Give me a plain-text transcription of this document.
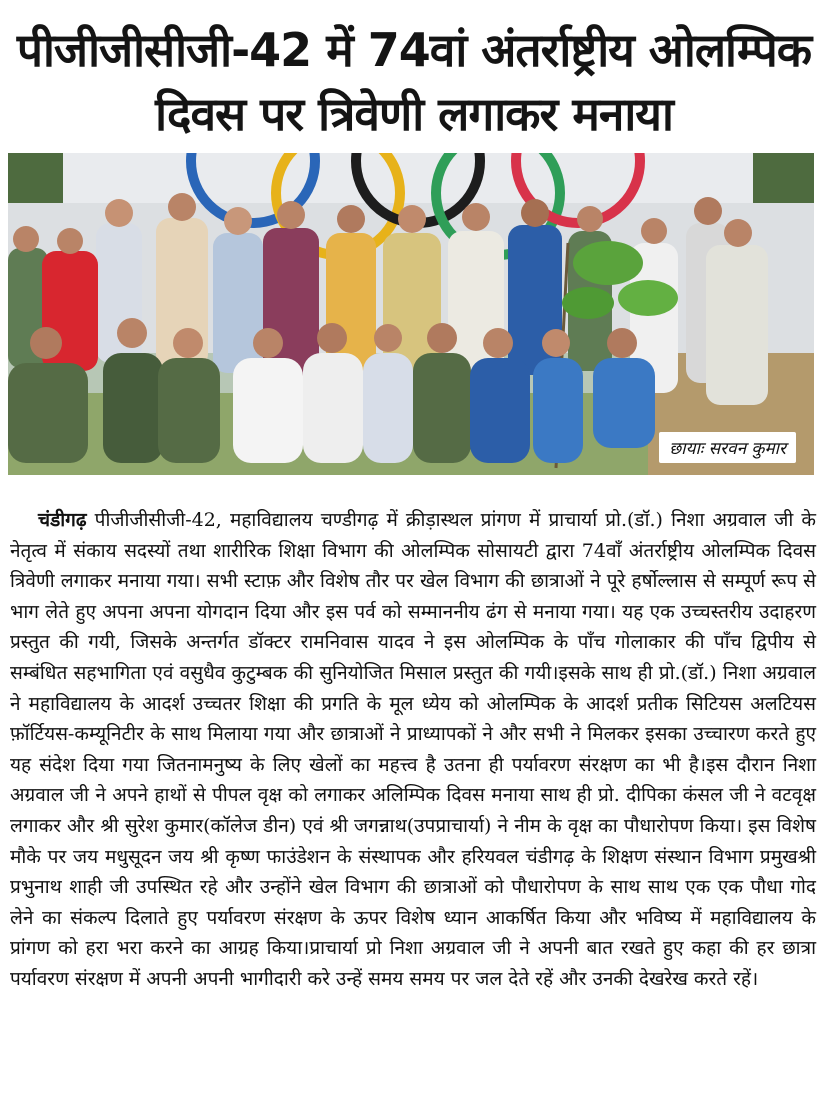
पीजीजीसीजी-42 में 74वां अंतर्राष्ट्रीय ओलम्पिक
दिवस पर त्रिवेणी लगाकर मनाया
छायाः सरवन कुमार
चंडीगढ़ पीजीजीसीजी-42, महाविद्यालय चण्डीगढ़ में क्रीड़ास्थल प्रांगण में प्राचार्या प्रो.(डॉ.) निशा अग्रवाल जी के नेतृत्व में संकाय सदस्यों तथा शारीरिक शिक्षा विभाग की ओलम्पिक सोसायटी द्वारा 74वाँ अंतर्राष्ट्रीय ओलम्पिक दिवस त्रिवेणी लगाकर मनाया गया। सभी स्टाफ़ और विशेष तौर पर खेल विभाग की छात्राओं ने पूरे हर्षोल्लास से सम्पूर्ण रूप से भाग लेते हुए अपना अपना योगदान दिया और इस पर्व को सम्माननीय ढंग से मनाया गया। यह एक उच्चस्तरीय उदाहरण प्रस्तुत की गयी, जिसके अन्तर्गत डॉक्टर रामनिवास यादव ने इस ओलम्पिक के पाँच गोलाकार की पाँच द्विपीय से सम्बंधित सहभागिता एवं वसुधैव कुटुम्बक की सुनियोजित मिसाल प्रस्तुत की गयी।इसके साथ ही प्रो.(डॉ.) निशा अग्रवाल ने महाविद्यालय के आदर्श उच्चतर शिक्षा की प्रगति के मूल ध्येय को ओलम्पिक के आदर्श प्रतीक सिटियस अलटियस फ़ॉर्टियस-कम्यूनिटीर के साथ मिलाया गया और छात्राओं ने प्राध्यापकों ने और सभी ने मिलकर इसका उच्चारण करते हुए यह संदेश दिया गया जितनामनुष्य के लिए खेलों का महत्त्व है उतना ही पर्यावरण संरक्षण का भी है।इस दौरान निशा अग्रवाल जी ने अपने हाथों से पीपल वृक्ष को लगाकर अलिम्पिक दिवस मनाया साथ ही प्रो. दीपिका कंसल जी ने वटवृक्ष लगाकर और श्री सुरेश कुमार(कॉलेज डीन) एवं श्री जगन्नाथ(उपप्राचार्या) ने नीम के वृक्ष का पौधारोपण किया। इस विशेष मौके पर जय मधुसूदन जय श्री कृष्ण फाउंडेशन के संस्थापक और हरियवल चंडीगढ़ के शिक्षण संस्थान विभाग प्रमुखश्री प्रभुनाथ शाही जी उपस्थित रहे और उन्होंने खेल विभाग की छात्राओं को पौधारोपण के साथ साथ एक एक पौधा गोद लेने का संकल्प दिलाते हुए पर्यावरण संरक्षण के ऊपर विशेष ध्यान आकर्षित किया और भविष्य में महाविद्यालय के प्रांगण को हरा भरा करने का आग्रह किया।प्राचार्या प्रो निशा अग्रवाल जी ने अपनी बात रखते हुए कहा की हर छात्रा पर्यावरण संरक्षण में अपनी अपनी भागीदारी करे उन्हें समय समय पर जल देते रहें और उनकी देखरेख करते रहें।
